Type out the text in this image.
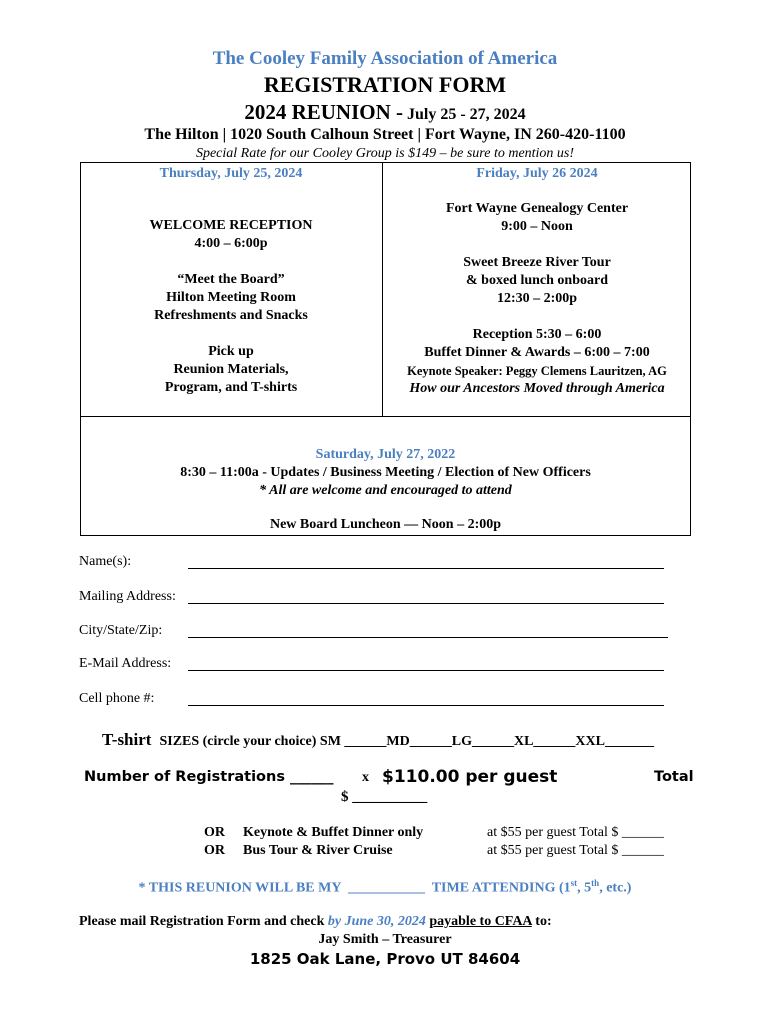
The Cooley Family Association of America
REGISTRATION FORM
2024 REUNION - July 25 - 27, 2024
The Hilton | 1020 South Calhoun Street | Fort Wayne, IN 260-420-1100
Special Rate for our Cooley Group is $149 – be sure to mention us!
Thursday, July 25, 2024
WELCOME RECEPTION
4:00 – 6:00p
“Meet the Board”
Hilton Meeting Room
Refreshments and Snacks
Pick up
Reunion Materials,
Program, and T-shirts
Friday, July 26 2024
Fort Wayne Genealogy Center
9:00 – Noon
Sweet Breeze River Tour
& boxed lunch onboard
12:30 – 2:00p
Reception 5:30 – 6:00
Buffet Dinner & Awards – 6:00 – 7:00
Keynote Speaker: Peggy Clemens Lauritzen, AG
How our Ancestors Moved through America
Saturday, July 27, 2022
8:30 – 11:00a - Updates / Business Meeting / Election of New Officers
* All are welcome and encouraged to attend
New Board Luncheon — Noon – 2:00p
Name(s):
Mailing Address:
City/State/Zip:
E-Mail Address:
Cell phone #:
T-shirt SIZES (circle your choice) SM ______MD______LG______XL______XXL_______
Number of Registrations ______ x $110.00 per guest	Total
$ __________
OR Keynote & Buffet Dinner only	at $55 per guest Total $ ______
OR Bus Tour & River Cruise	at $55 per guest Total $ ______
* THIS REUNION WILL BE MY ___________ TIME ATTENDING (1st, 5th, etc.)
Please mail Registration Form and check by June 30, 2024 payable to CFAA to:
Jay Smith – Treasurer
1825 Oak Lane, Provo UT 84604
